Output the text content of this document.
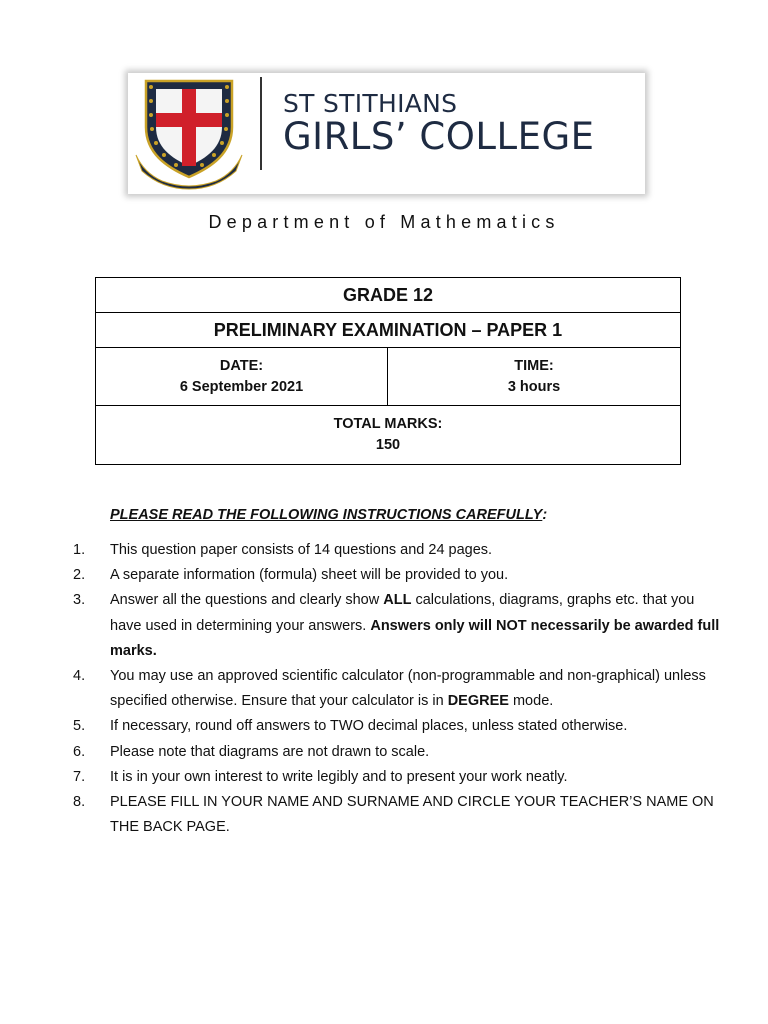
ST STITHIANS
GIRLS’ COLLEGE
Department of Mathematics
GRADE 12
PRELIMINARY EXAMINATION – PAPER 1
DATE:
6 September 2021
TIME:
3 hours
TOTAL MARKS:
150
PLEASE READ THE FOLLOWING INSTRUCTIONS CAREFULLY:
1. This question paper consists of 14 questions and 24 pages.
2. A separate information (formula) sheet will be provided to you.
3. Answer all the questions and clearly show ALL calculations, diagrams, graphs etc. that you have used in determining your answers. Answers only will NOT necessarily be awarded full marks.
4. You may use an approved scientific calculator (non-programmable and non-graphical) unless specified otherwise. Ensure that your calculator is in DEGREE mode.
5. If necessary, round off answers to TWO decimal places, unless stated otherwise.
6. Please note that diagrams are not drawn to scale.
7. It is in your own interest to write legibly and to present your work neatly.
8. PLEASE FILL IN YOUR NAME AND SURNAME AND CIRCLE YOUR TEACHER’S NAME ON THE BACK PAGE.
